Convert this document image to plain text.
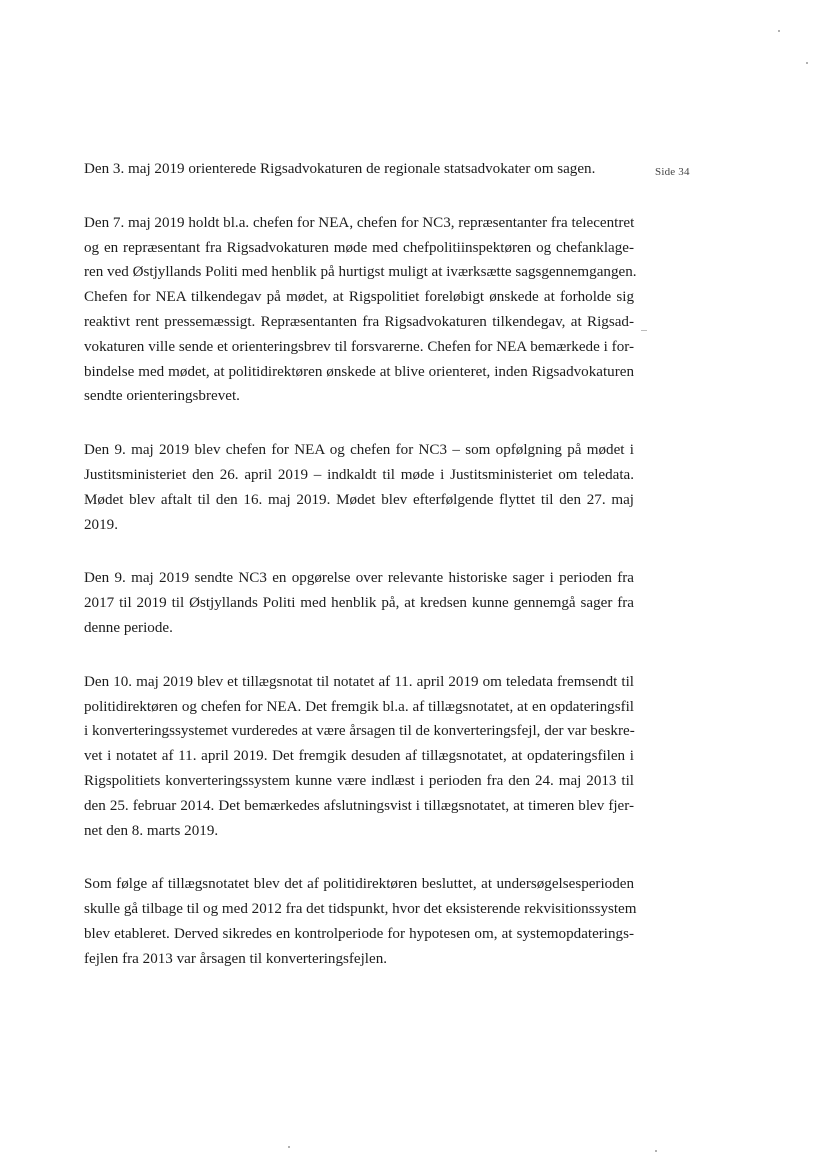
Side 34

Den 3. maj 2019 orienterede Rigsadvokaturen de regionale statsadvokater om sagen.

Den 7. maj 2019 holdt bl.a. chefen for NEA, chefen for NC3, repræsentanter fra telecentret
og en repræsentant fra Rigsadvokaturen møde med chefpolitiinspektøren og chefanklage-
ren ved Østjyllands Politi med henblik på hurtigst muligt at iværksætte sagsgennemgangen.
Chefen for NEA tilkendegav på mødet, at Rigspolitiet foreløbigt ønskede at forholde sig
reaktivt rent pressemæssigt. Repræsentanten fra Rigsadvokaturen tilkendegav, at Rigsad-
vokaturen ville sende et orienteringsbrev til forsvarerne. Chefen for NEA bemærkede i for-
bindelse med mødet, at politidirektøren ønskede at blive orienteret, inden Rigsadvokaturen
sendte orienteringsbrevet.

Den 9. maj 2019 blev chefen for NEA og chefen for NC3 – som opfølgning på mødet i
Justitsministeriet den 26. april 2019 – indkaldt til møde i Justitsministeriet om teledata.
Mødet blev aftalt til den 16. maj 2019. Mødet blev efterfølgende flyttet til den 27. maj
2019.

Den 9. maj 2019 sendte NC3 en opgørelse over relevante historiske sager i perioden fra
2017 til 2019 til Østjyllands Politi med henblik på, at kredsen kunne gennemgå sager fra
denne periode.

Den 10. maj 2019 blev et tillægsnotat til notatet af 11. april 2019 om teledata fremsendt til
politidirektøren og chefen for NEA. Det fremgik bl.a. af tillægsnotatet, at en opdateringsfil
i konverteringssystemet vurderedes at være årsagen til de konverteringsfejl, der var beskre-
vet i notatet af 11. april 2019. Det fremgik desuden af tillægsnotatet, at opdateringsfilen i
Rigspolitiets konverteringssystem kunne være indlæst i perioden fra den 24. maj 2013 til
den 25. februar 2014. Det bemærkedes afslutningsvist i tillægsnotatet, at timeren blev fjer-
net den 8. marts 2019.

Som følge af tillægsnotatet blev det af politidirektøren besluttet, at undersøgelsesperioden
skulle gå tilbage til og med 2012 fra det tidspunkt, hvor det eksisterende rekvisitionssystem
blev etableret. Derved sikredes en kontrolperiode for hypotesen om, at systemopdaterings-
fejlen fra 2013 var årsagen til konverteringsfejlen.
